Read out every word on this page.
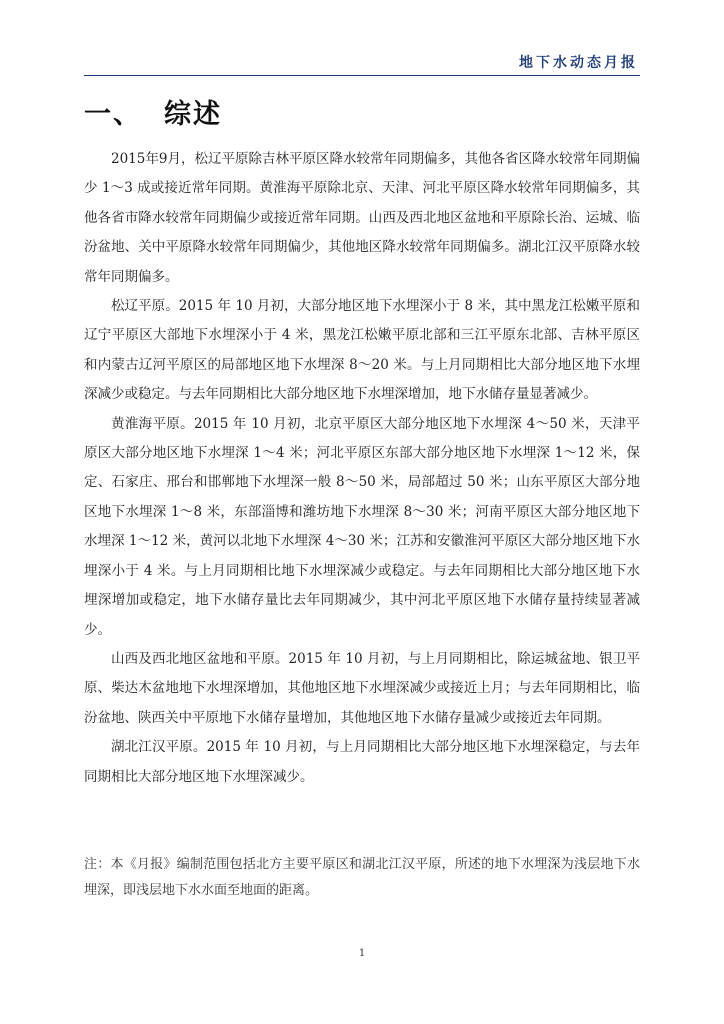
地下水动态月报
一、 综述

2015年9月，松辽平原除吉林平原区降水较常年同期偏多，其他各省区降水较常年同期偏少 1～3 成或接近常年同期。黄淮海平原除北京、天津、河北平原区降水较常年同期偏多，其他各省市降水较常年同期偏少或接近常年同期。山西及西北地区盆地和平原除长治、运城、临汾盆地、关中平原降水较常年同期偏少，其他地区降水较常年同期偏多。湖北江汉平原降水较常年同期偏多。

松辽平原。2015 年 10 月初，大部分地区地下水埋深小于 8 米，其中黑龙江松嫩平原和辽宁平原区大部地下水埋深小于 4 米，黑龙江松嫩平原北部和三江平原东北部、吉林平原区和内蒙古辽河平原区的局部地区地下水埋深 8～20 米。与上月同期相比大部分地区地下水埋深减少或稳定。与去年同期相比大部分地区地下水埋深增加，地下水储存量显著减少。

黄淮海平原。2015 年 10 月初，北京平原区大部分地区地下水埋深 4～50 米，天津平原区大部分地区地下水埋深 1～4 米；河北平原区东部大部分地区地下水埋深 1～12 米，保定、石家庄、邢台和邯郸地下水埋深一般 8～50 米，局部超过 50 米；山东平原区大部分地区地下水埋深 1～8 米，东部淄博和潍坊地下水埋深 8～30 米；河南平原区大部分地区地下水埋深 1～12 米，黄河以北地下水埋深 4～30 米；江苏和安徽淮河平原区大部分地区地下水埋深小于 4 米。与上月同期相比地下水埋深减少或稳定。与去年同期相比大部分地区地下水埋深增加或稳定，地下水储存量比去年同期减少，其中河北平原区地下水储存量持续显著减少。

山西及西北地区盆地和平原。2015 年 10 月初，与上月同期相比，除运城盆地、银卫平原、柴达木盆地地下水埋深增加，其他地区地下水埋深减少或接近上月；与去年同期相比，临汾盆地、陕西关中平原地下水储存量增加，其他地区地下水储存量减少或接近去年同期。

湖北江汉平原。2015 年 10 月初，与上月同期相比大部分地区地下水埋深稳定，与去年同期相比大部分地区地下水埋深减少。

注：本《月报》编制范围包括北方主要平原区和湖北江汉平原，所述的地下水埋深为浅层地下水埋深，即浅层地下水水面至地面的距离。

1
